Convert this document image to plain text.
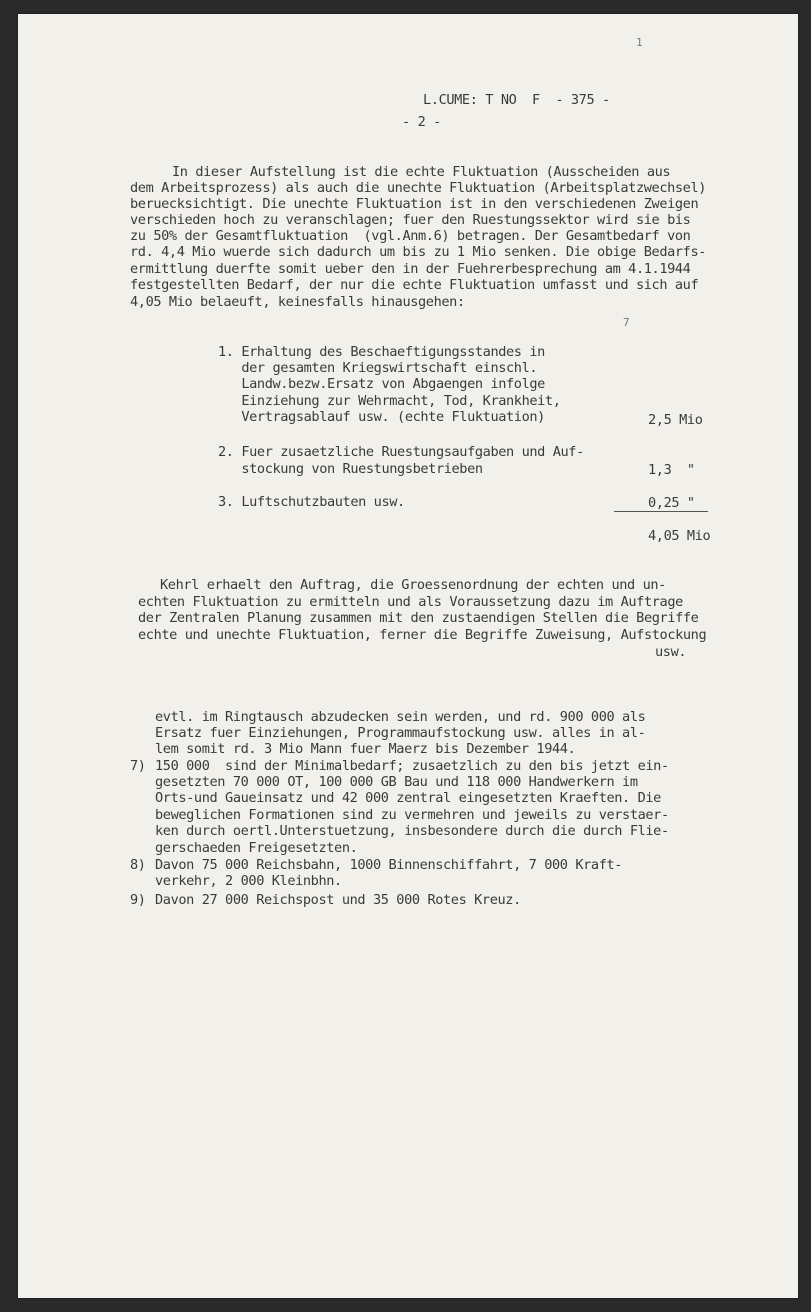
1
L.CUME: T NO  F  - 375 -
- 2 -
In dieser Aufstellung ist die echte Fluktuation (Ausscheiden aus
dem Arbeitsprozess) als auch die unechte Fluktuation (Arbeitsplatzwechsel)
beruecksichtigt. Die unechte Fluktuation ist in den verschiedenen Zweigen
verschieden hoch zu veranschlagen; fuer den Ruestungssektor wird sie bis
zu 50% der Gesamtfluktuation  (vgl.Anm.6) betragen. Der Gesamtbedarf von
rd. 4,4 Mio wuerde sich dadurch um bis zu 1 Mio senken. Die obige Bedarfs-
ermittlung duerfte somit ueber den in der Fuehrerbesprechung am 4.1.1944
festgestellten Bedarf, der nur die echte Fluktuation umfasst und sich auf
4,05 Mio belaeuft, keinesfalls hinausgehen:
7
1. Erhaltung des Beschaeftigungsstandes in
der gesamten Kriegswirtschaft einschl.
Landw.bezw.Ersatz von Abgaengen infolge
Einziehung zur Wehrmacht, Tod, Krankheit,
Vertragsablauf usw. (echte Fluktuation)	2,5 Mio
2. Fuer zusaetzliche Ruestungsaufgaben und Auf-
stockung von Ruestungsbetrieben	1,3  "
3. Luftschutzbauten usw.	0,25 "
4,05 Mio
Kehrl erhaelt den Auftrag, die Groessenordnung der echten und un-
echten Fluktuation zu ermitteln und als Voraussetzung dazu im Auftrage
der Zentralen Planung zusammen mit den zustaendigen Stellen die Begriffe
echte und unechte Fluktuation, ferner die Begriffe Zuweisung, Aufstockung
usw.
evtl. im Ringtausch abzudecken sein werden, und rd. 900 000 als
Ersatz fuer Einziehungen, Programmaufstockung usw. alles in al-
lem somit rd. 3 Mio Mann fuer Maerz bis Dezember 1944.
7) 150 000  sind der Minimalbedarf; zusaetzlich zu den bis jetzt ein-
gesetzten 70 000 OT, 100 000 GB Bau und 118 000 Handwerkern im
Orts-und Gaueinsatz und 42 000 zentral eingesetzten Kraeften. Die
beweglichen Formationen sind zu vermehren und jeweils zu verstaer-
ken durch oertl.Unterstuetzung, insbesondere durch die durch Flie-
gerschaeden Freigesetzten.
8) Davon 75 000 Reichsbahn, 1000 Binnenschiffahrt, 7 000 Kraft-
verkehr, 2 000 Kleinbhn.
9) Davon 27 000 Reichspost und 35 000 Rotes Kreuz.
